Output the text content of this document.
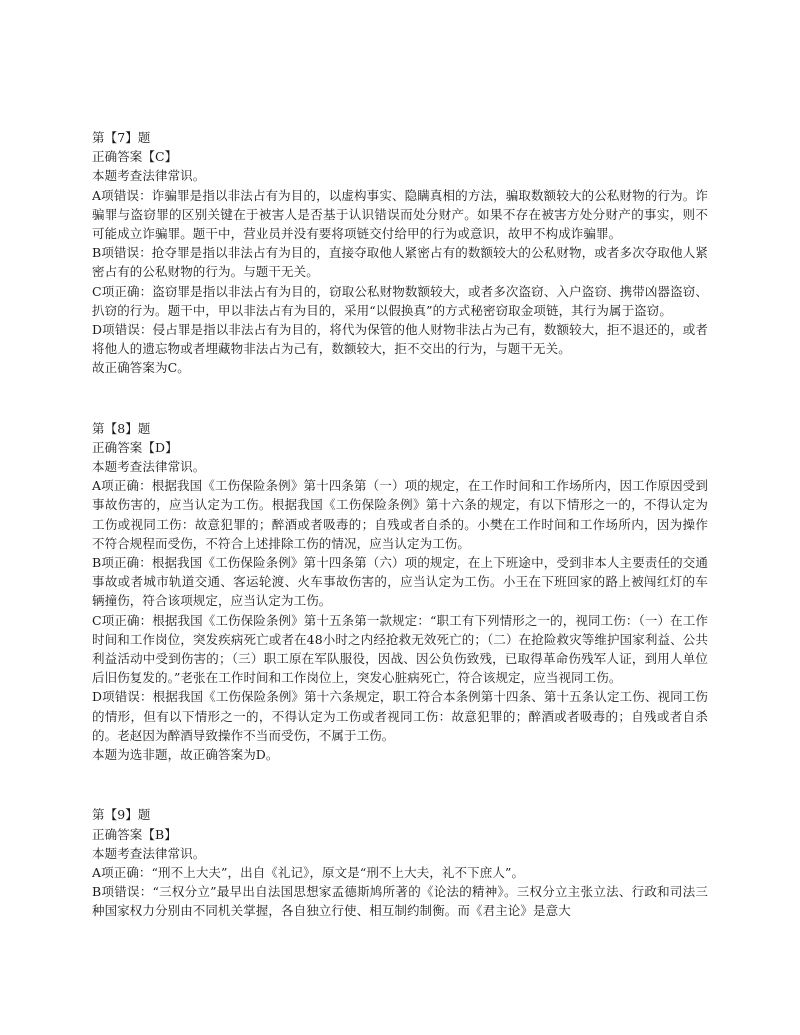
第【7】题

正确答案【C】

本题考查法律常识。

A项错误：诈骗罪是指以非法占有为目的，以虚构事实、隐瞒真相的方法，骗取数额较大的公私财物的行为。诈骗罪与盗窃罪的区别关键在于被害人是否基于认识错误而处分财产。如果不存在被害方处分财产的事实，则不可能成立诈骗罪。题干中，营业员并没有要将项链交付给甲的行为或意识，故甲不构成诈骗罪。

B项错误：抢夺罪是指以非法占有为目的，直接夺取他人紧密占有的数额较大的公私财物，或者多次夺取他人紧密占有的公私财物的行为。与题干无关。

C项正确：盗窃罪是指以非法占有为目的，窃取公私财物数额较大，或者多次盗窃、入户盗窃、携带凶器盗窃、扒窃的行为。题干中，甲以非法占有为目的，采用“以假换真”的方式秘密窃取金项链，其行为属于盗窃。

D项错误：侵占罪是指以非法占有为目的，将代为保管的他人财物非法占为己有，数额较大，拒不退还的，或者将他人的遗忘物或者埋藏物非法占为己有，数额较大，拒不交出的行为，与题干无关。

故正确答案为C。

第【8】题

正确答案【D】

本题考查法律常识。

A项正确：根据我国《工伤保险条例》第十四条第（一）项的规定，在工作时间和工作场所内，因工作原因受到事故伤害的，应当认定为工伤。根据我国《工伤保险条例》第十六条的规定，有以下情形之一的，不得认定为工伤或视同工伤：故意犯罪的；醉酒或者吸毒的；自残或者自杀的。小樊在工作时间和工作场所内，因为操作不符合规程而受伤，不符合上述排除工伤的情况，应当认定为工伤。

B项正确：根据我国《工伤保险条例》第十四条第（六）项的规定，在上下班途中，受到非本人主要责任的交通事故或者城市轨道交通、客运轮渡、火车事故伤害的，应当认定为工伤。小王在下班回家的路上被闯红灯的车辆撞伤，符合该项规定，应当认定为工伤。

C项正确：根据我国《工伤保险条例》第十五条第一款规定：“职工有下列情形之一的，视同工伤：（一）在工作时间和工作岗位，突发疾病死亡或者在48小时之内经抢救无效死亡的；（二）在抢险救灾等维护国家利益、公共利益活动中受到伤害的；（三）职工原在军队服役，因战、因公负伤致残，已取得革命伤残军人证，到用人单位后旧伤复发的。”老张在工作时间和工作岗位上，突发心脏病死亡，符合该规定，应当视同工伤。

D项错误：根据我国《工伤保险条例》第十六条规定，职工符合本条例第十四条、第十五条认定工伤、视同工伤的情形，但有以下情形之一的，不得认定为工伤或者视同工伤：故意犯罪的；醉酒或者吸毒的；自残或者自杀的。老赵因为醉酒导致操作不当而受伤，不属于工伤。

本题为选非题，故正确答案为D。

第【9】题

正确答案【B】

本题考查法律常识。

A项正确：“刑不上大夫”，出自《礼记》，原文是“刑不上大夫，礼不下庶人”。

B项错误：“三权分立”最早出自法国思想家孟德斯鸠所著的《论法的精神》。三权分立主张立法、行政和司法三种国家权力分别由不同机关掌握，各自独立行使、相互制约制衡。而《君主论》是意大
